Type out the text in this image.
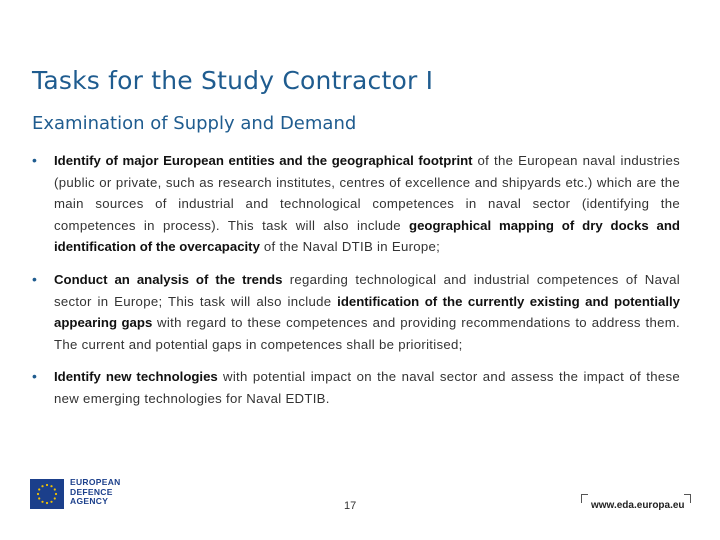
Tasks for the Study Contractor I
Examination of Supply and Demand
• Identify of major European entities and the geographical footprint of the European naval industries (public or private, such as research institutes, centres of excellence and shipyards etc.) which are the main sources of industrial and technological competences in naval sector (identifying the competences in process). This task will also include geographical mapping of dry docks and identification of the overcapacity of the Naval DTIB in Europe;
• Conduct an analysis of the trends regarding technological and industrial competences of Naval sector in Europe; This task will also include identification of the currently existing and potentially appearing gaps with regard to these competences and providing recommendations to address them. The current and potential gaps in competences shall be prioritised;
• Identify new technologies with potential impact on the naval sector and assess the impact of these new emerging technologies for Naval EDTIB.
EUROPEAN
DEFENCE
AGENCY	17	www.eda.europa.eu
